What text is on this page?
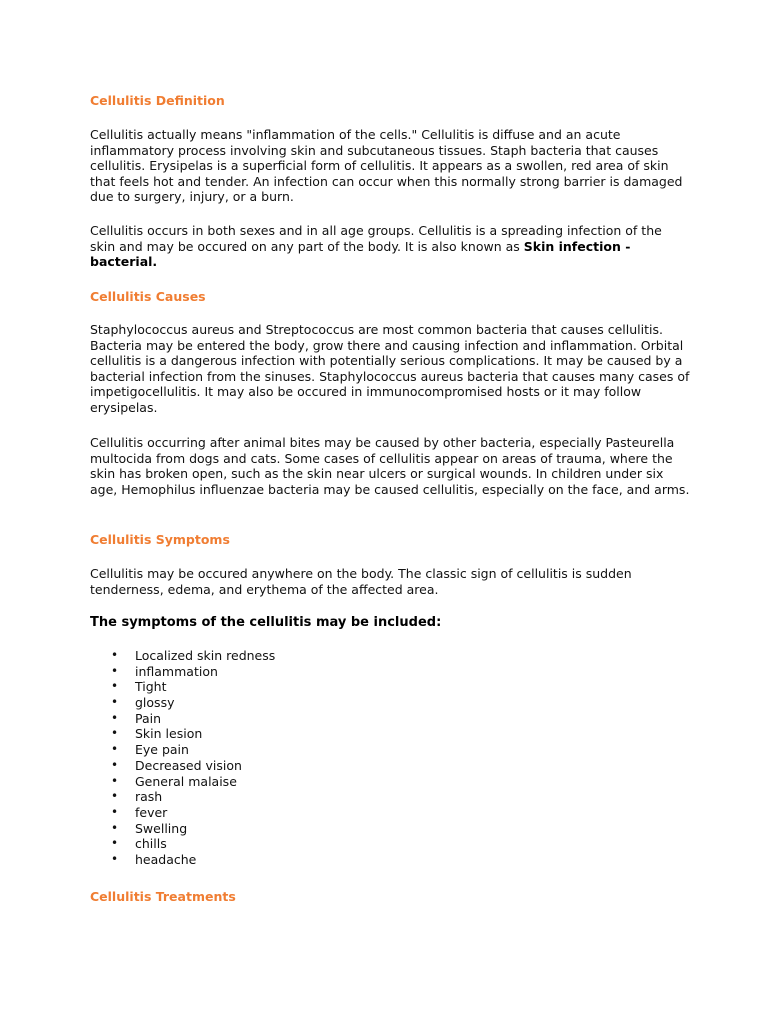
Cellulitis Definition

Cellulitis actually means "inflammation of the cells." Cellulitis is diffuse and an acute inflammatory process involving skin and subcutaneous tissues. Staph bacteria that causes cellulitis. Erysipelas is a superficial form of cellulitis. It appears as a swollen, red area of skin that feels hot and tender. An infection can occur when this normally strong barrier is damaged due to surgery, injury, or a burn.

Cellulitis occurs in both sexes and in all age groups. Cellulitis is a spreading infection of the skin and may be occured on any part of the body. It is also known as Skin infection - bacterial.

Cellulitis Causes

Staphylococcus aureus and Streptococcus are most common bacteria that causes cellulitis. Bacteria may be entered the body, grow there and causing infection and inflammation. Orbital cellulitis is a dangerous infection with potentially serious complications. It may be caused by a bacterial infection from the sinuses. Staphylococcus aureus bacteria that causes many cases of impetigocellulitis. It may also be occured in immunocompromised hosts or it may follow erysipelas.

Cellulitis occurring after animal bites may be caused by other bacteria, especially Pasteurella multocida from dogs and cats. Some cases of cellulitis appear on areas of trauma, where the skin has broken open, such as the skin near ulcers or surgical wounds. In children under six age, Hemophilus influenzae bacteria may be caused cellulitis, especially on the face, and arms.

Cellulitis Symptoms

Cellulitis may be occured anywhere on the body. The classic sign of cellulitis is sudden tenderness, edema, and erythema of the affected area.

The symptoms of the cellulitis may be included:

• Localized skin redness
• inflammation
• Tight
• glossy
• Pain
• Skin lesion
• Eye pain
• Decreased vision
• General malaise
• rash
• fever
• Swelling
• chills
• headache
Cellulitis Treatments
